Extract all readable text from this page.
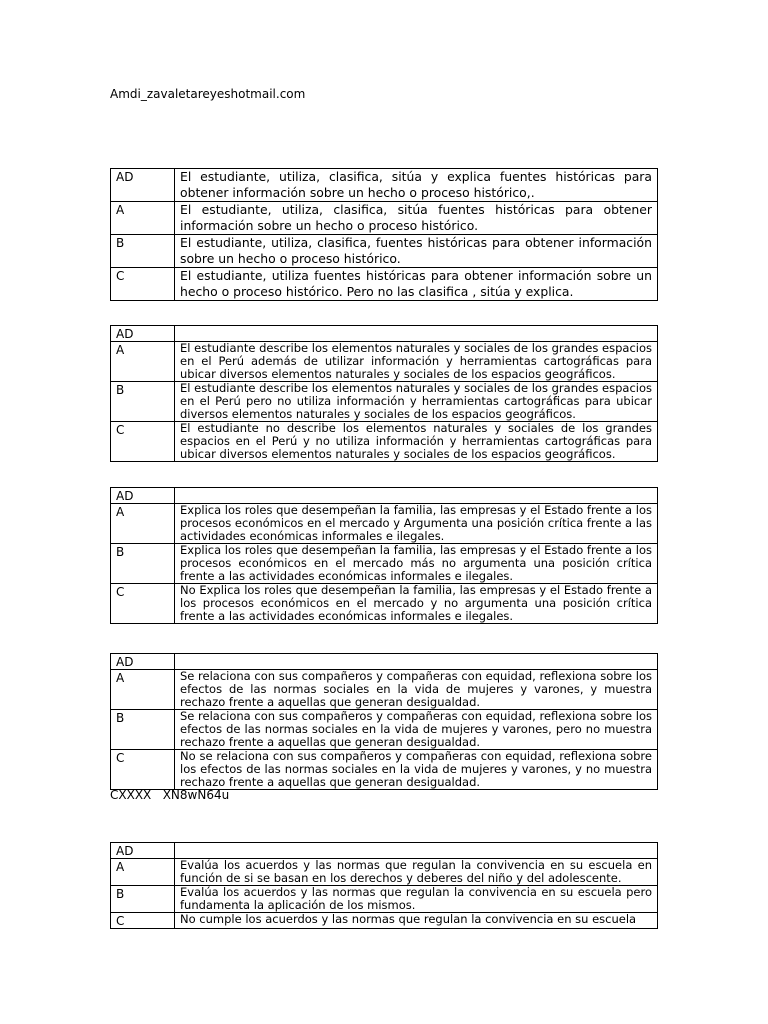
Amdi_zavaletareyeshotmail.com
AD	El estudiante, utiliza, clasifica, sitúa y explica fuentes históricas para obtener información sobre un hecho o proceso histórico,.
A	El estudiante, utiliza, clasifica, sitúa fuentes históricas para obtener información sobre un hecho o proceso histórico.
B	El estudiante, utiliza, clasifica, fuentes históricas para obtener información sobre un hecho o proceso histórico.
C	El estudiante, utiliza fuentes históricas para obtener información sobre un hecho o proceso histórico. Pero no las clasifica , sitúa y explica.
AD	
A	El estudiante describe los elementos naturales y sociales de los grandes espacios en el Perú además de utilizar información y herramientas cartográficas para ubicar diversos elementos naturales y sociales de los espacios geográficos.
B	El estudiante describe los elementos naturales y sociales de los grandes espacios en el Perú pero no utiliza información y herramientas cartográficas para ubicar diversos elementos naturales y sociales de los espacios geográficos.
C	El estudiante no describe los elementos naturales y sociales de los grandes espacios en el Perú y no utiliza información y herramientas cartográficas para ubicar diversos elementos naturales y sociales de los espacios geográficos.
AD	
A	Explica los roles que desempeñan la familia, las empresas y el Estado frente a los procesos económicos en el mercado y Argumenta una posición crítica frente a las actividades económicas informales e ilegales.
B	Explica los roles que desempeñan la familia, las empresas y el Estado frente a los procesos económicos en el mercado más no argumenta una posición crítica frente a las actividades económicas informales e ilegales.
C	No Explica los roles que desempeñan la familia, las empresas y el Estado frente a los procesos económicos en el mercado y no argumenta una posición crítica frente a las actividades económicas informales e ilegales.
AD	
A	Se relaciona con sus compañeros y compañeras con equidad, reflexiona sobre los efectos de las normas sociales en la vida de mujeres y varones, y muestra rechazo frente a aquellas que generan desigualdad.
B	Se relaciona con sus compañeros y compañeras con equidad, reflexiona sobre los efectos de las normas sociales en la vida de mujeres y varones, pero no muestra rechazo frente a aquellas que generan desigualdad.
C	No se relaciona con sus compañeros y compañeras con equidad, reflexiona sobre los efectos de las normas sociales en la vida de mujeres y varones, y no muestra rechazo frente a aquellas que generan desigualdad.
CXXXX   XN8wN64u
AD	
A	Evalúa los acuerdos y las normas que regulan la convivencia en su escuela en función de si se basan en los derechos y deberes del niño y del adolescente.
B	Evalúa los acuerdos y las normas que regulan la convivencia en su escuela pero fundamenta la aplicación de los mismos.
C	No cumple los acuerdos y las normas que regulan la convivencia en su escuela
